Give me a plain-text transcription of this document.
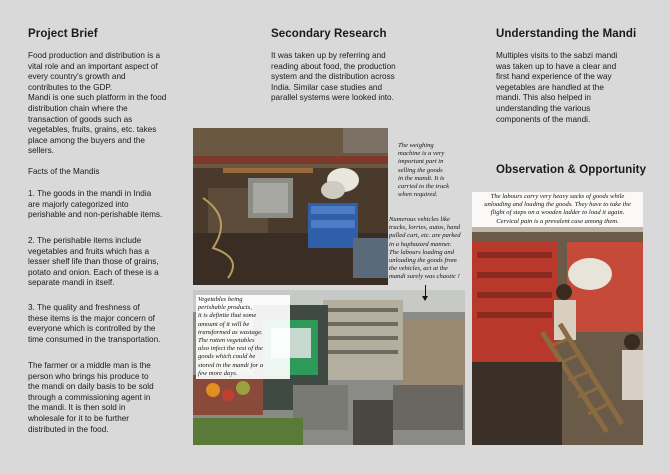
Project Brief
Food production and distribution is a
vital role and an important aspect of
every country's growth and
contributes to the GDP.
Mandi is one such platform in the food
distribution chain where the
transaction of goods such as
vegetables, fruits, grains, etc. takes
place among the buyers and the
sellers.
Facts of the Mandis
1. The goods in the mandi in India
are majorly categorized into
perishable and non-perishable items.
2. The perishable items include
vegetables and fruits which has a
lesser shelf life than those of grains,
potato and onion. Each of these is a
separate mandi in itself.
3. The quality and freshness of
these items is the major concern of
everyone which is controlled by the
time consumed in the transportation.
The farmer or a middle man is the
person who brings his produce to
the mandi on daily basis to be sold
through a commissioning agent in
the mandi. It is then sold in
wholesale for it to be further
distributed in the food.
Secondary Research
It was taken up by referring and
reading about food, the production
system and the distribution across
India. Similar case studies and
parallel systems were looked into.
The weighing
machine is a very
important part in
selling the goods
in the mandi. It is
carried to the truck
when required.
Numerous vehicles like
trucks, lorries, autos, hand
pulled cart, etc. are parked
in a haphazard manner.
The labours loading and
unloading the goods from
the vehicles, act at the
mandi surely was chaotic !
Vegetables being
perishable products,
it is definite that some
amount of it will be
transformed as wastage.
The rotten vegetables
also infect the rest of the
goods which could be
stored in the mandi for a
few more days.
Understanding the Mandi
Multiples visits to the sabzi mandi
was taken up to have a clear and
first hand experience of the way
vegetables are handled at the
mandi. This also helped in
understanding the various
components of the mandi.
Observation & Opportunity
The labours carry very heavy sacks of goods while
unloading and loading the goods. They have to take the
flight of steps on a wooden ladder to load it again.
Cervical pain is a prevalent case among them.
